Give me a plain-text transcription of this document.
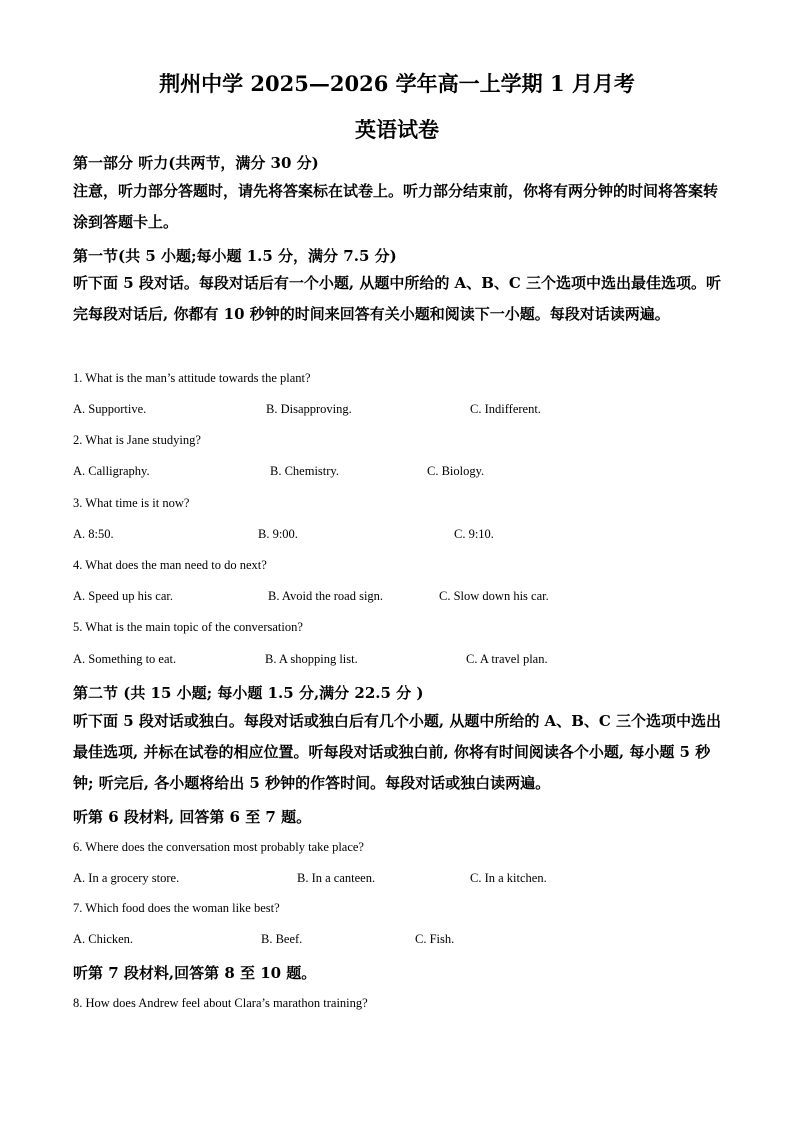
荆州中学 2025—2026 学年高一上学期 1 月月考
英语试卷
第一部分 听力(共两节，满分 30 分)
注意，听力部分答题时，请先将答案标在试卷上。听力部分结束前，你将有两分钟的时间将答案转涂到答题卡上。
第一节(共 5 小题;每小题 1.5 分，满分 7.5 分)
听下面 5 段对话。每段对话后有一个小题, 从题中所给的 A、B、C 三个选项中选出最佳选项。听完每段对话后, 你都有 10 秒钟的时间来回答有关小题和阅读下一小题。每段对话读两遍。
1. What is the man’s attitude towards the plant?
A. Supportive.	B. Disapproving.	C. Indifferent.
2. What is Jane studying?
A. Calligraphy.	B. Chemistry.	C. Biology.
3. What time is it now?
A. 8:50.	B. 9:00.	C. 9:10.
4. What does the man need to do next?
A. Speed up his car.	B. Avoid the road sign.	C. Slow down his car.
5. What is the main topic of the conversation?
A. Something to eat.	B. A shopping list.	C. A travel plan.
第二节 (共 15 小题; 每小题 1.5 分,满分 22.5 分 )
听下面 5 段对话或独白。每段对话或独白后有几个小题, 从题中所给的 A、B、C 三个选项中选出最佳选项, 并标在试卷的相应位置。听每段对话或独白前, 你将有时间阅读各个小题, 每小题 5 秒钟; 听完后, 各小题将给出 5 秒钟的作答时间。每段对话或独白读两遍。
听第 6 段材料, 回答第 6 至 7 题。
6. Where does the conversation most probably take place?
A. In a grocery store.	B. In a canteen.	C. In a kitchen.
7. Which food does the woman like best?
A. Chicken.	B. Beef.	C. Fish.
听第 7 段材料,回答第 8 至 10 题。
8. How does Andrew feel about Clara’s marathon training?
